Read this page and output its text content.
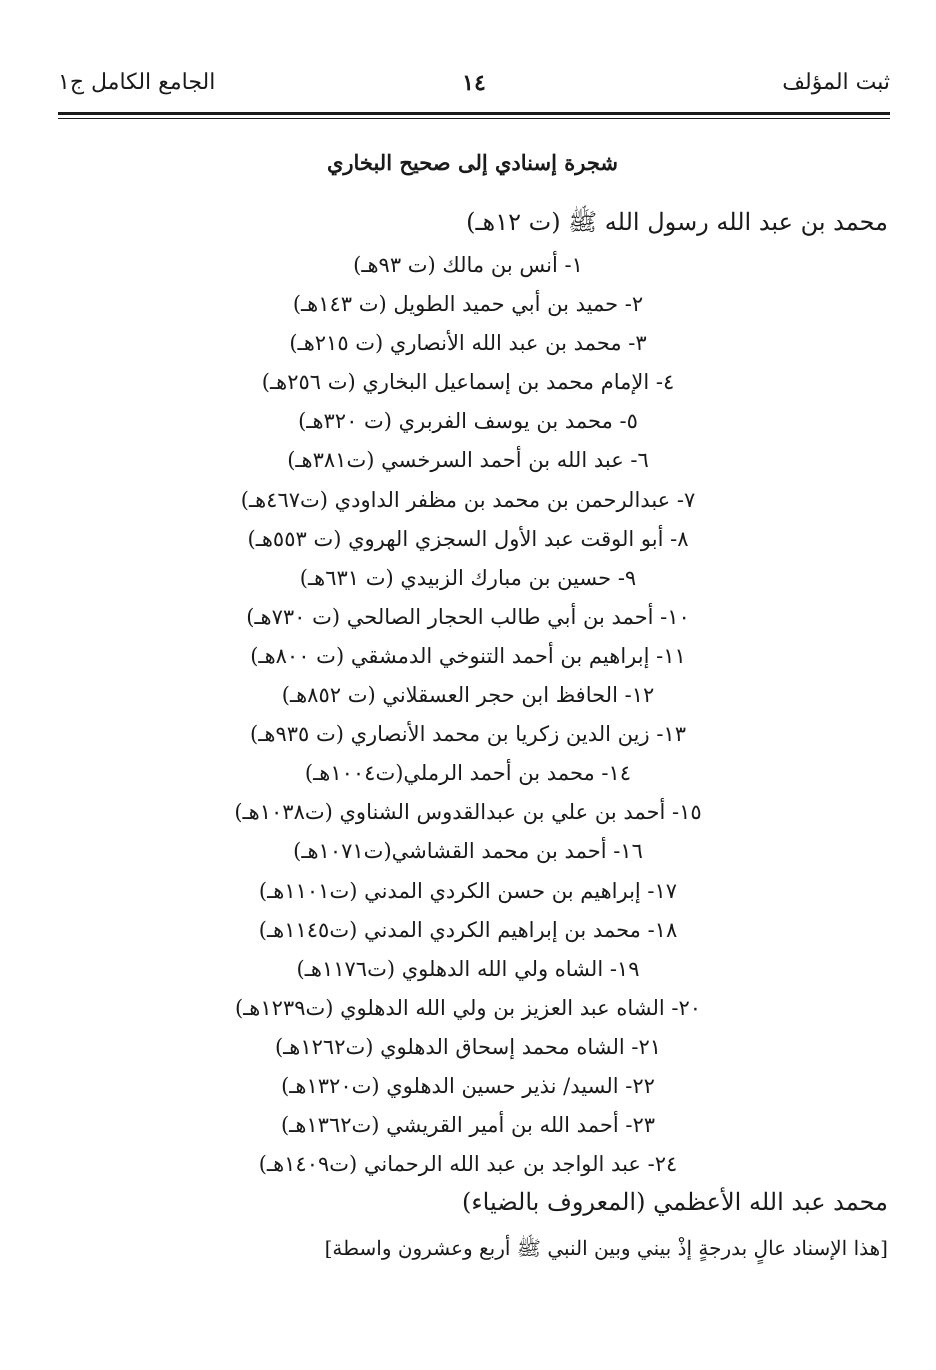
ثبت المؤلف
١٤
الجامع الكامل ج١
شجرة إسنادي إلى صحيح البخاري
محمد بن عبد الله رسول الله ﷺ (ت ١٢هـ)
١- أنس بن مالك (ت ٩٣هـ)
٢- حميد بن أبي حميد الطويل (ت ١٤٣هـ)
٣- محمد بن عبد الله الأنصاري (ت ٢١٥هـ)
٤- الإمام محمد بن إسماعيل البخاري (ت ٢٥٦هـ)
٥- محمد بن يوسف الفربري (ت ٣٢٠هـ)
٦- عبد الله بن أحمد السرخسي (ت٣٨١هـ)
٧- عبدالرحمن بن محمد بن مظفر الداودي (ت٤٦٧هـ)
٨- أبو الوقت عبد الأول السجزي الهروي (ت ٥٥٣هـ)
٩- حسين بن مبارك الزبيدي (ت ٦٣١هـ)
١٠- أحمد بن أبي طالب الحجار الصالحي (ت ٧٣٠هـ)
١١- إبراهيم بن أحمد التنوخي الدمشقي (ت ٨٠٠هـ)
١٢- الحافظ ابن حجر العسقلاني (ت ٨٥٢هـ)
١٣- زين الدين زكريا بن محمد الأنصاري (ت ٩٣٥هـ)
١٤- محمد بن أحمد الرملي(ت١٠٠٤هـ)
١٥- أحمد بن علي بن عبدالقدوس الشناوي (ت١٠٣٨هـ)
١٦- أحمد بن محمد القشاشي(ت١٠٧١هـ)
١٧- إبراهيم بن حسن الكردي المدني (ت١١٠١هـ)
١٨- محمد بن إبراهيم الكردي المدني (ت١١٤٥هـ)
١٩- الشاه ولي الله الدهلوي (ت١١٧٦هـ)
٢٠- الشاه عبد العزيز بن ولي الله الدهلوي (ت١٢٣٩هـ)
٢١- الشاه محمد إسحاق الدهلوي (ت١٢٦٢هـ)
٢٢- السيد/ نذير حسين الدهلوي (ت١٣٢٠هـ)
٢٣- أحمد الله بن أمير القريشي (ت١٣٦٢هـ)
٢٤- عبد الواجد بن عبد الله الرحماني (ت١٤٠٩هـ)
محمد عبد الله الأعظمي (المعروف بالضياء)
[هذا الإسناد عالٍ بدرجةٍ إذْ بيني وبين النبي ﷺ أربع وعشرون واسطة]
